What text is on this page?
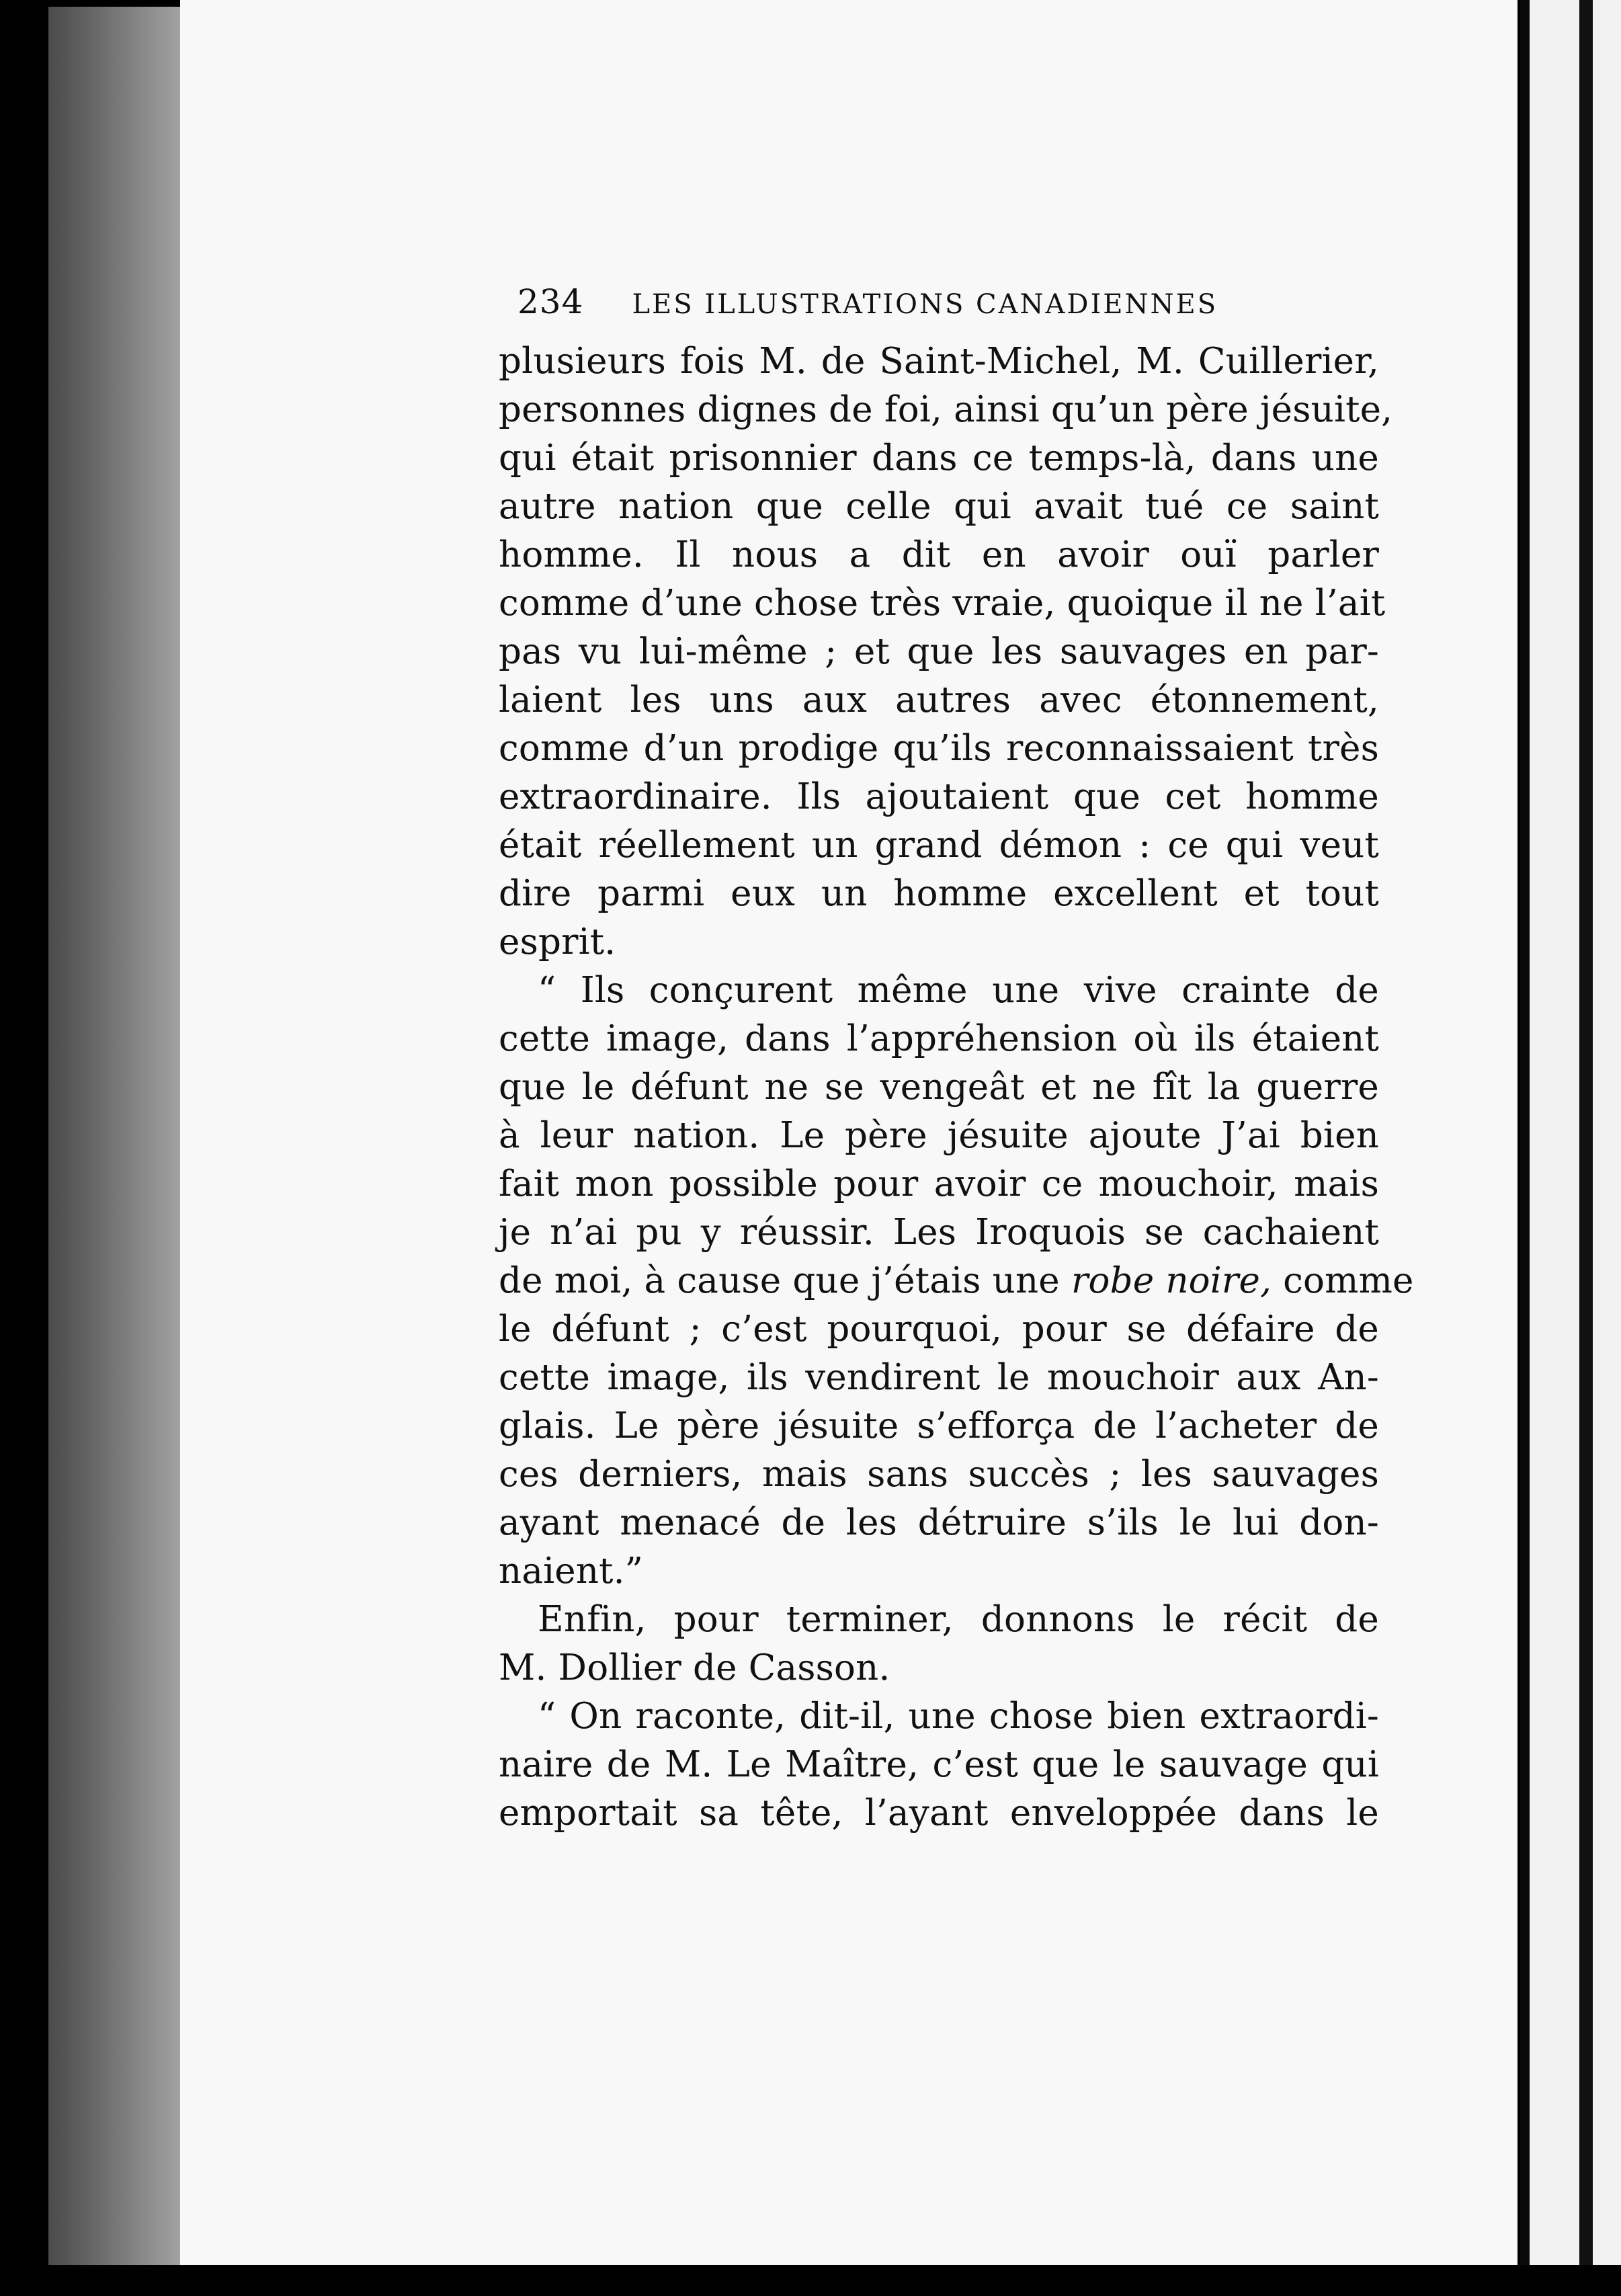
234 LES ILLUSTRATIONS CANADIENNES
plusieurs fois M. de Saint-Michel, M. Cuillerier,
personnes dignes de foi, ainsi qu’un père jésuite,
qui était prisonnier dans ce temps-là, dans une
autre nation que celle qui avait tué ce saint
homme. Il nous a dit en avoir ouï parler
comme d’une chose très vraie, quoique il ne l’ait
pas vu lui-même ; et que les sauvages en par-
laient les uns aux autres avec étonnement,
comme d’un prodige qu’ils reconnaissaient très
extraordinaire. Ils ajoutaient que cet homme
était réellement un grand démon : ce qui veut
dire parmi eux un homme excellent et tout
esprit.
“ Ils conçurent même une vive crainte de
cette image, dans l’appréhension où ils étaient
que le défunt ne se vengeât et ne fît la guerre
à leur nation. Le père jésuite ajoute J’ai bien
fait mon possible pour avoir ce mouchoir, mais
je n’ai pu y réussir. Les Iroquois se cachaient
de moi, à cause que j’étais une robe noire, comme
le défunt ; c’est pourquoi, pour se défaire de
cette image, ils vendirent le mouchoir aux An-
glais. Le père jésuite s’efforça de l’acheter de
ces derniers, mais sans succès ; les sauvages
ayant menacé de les détruire s’ils le lui don-
naient.”
Enfin, pour terminer, donnons le récit de
M. Dollier de Casson.
“ On raconte, dit-il, une chose bien extraordi-
naire de M. Le Maître, c’est que le sauvage qui
emportait sa tête, l’ayant enveloppée dans le
